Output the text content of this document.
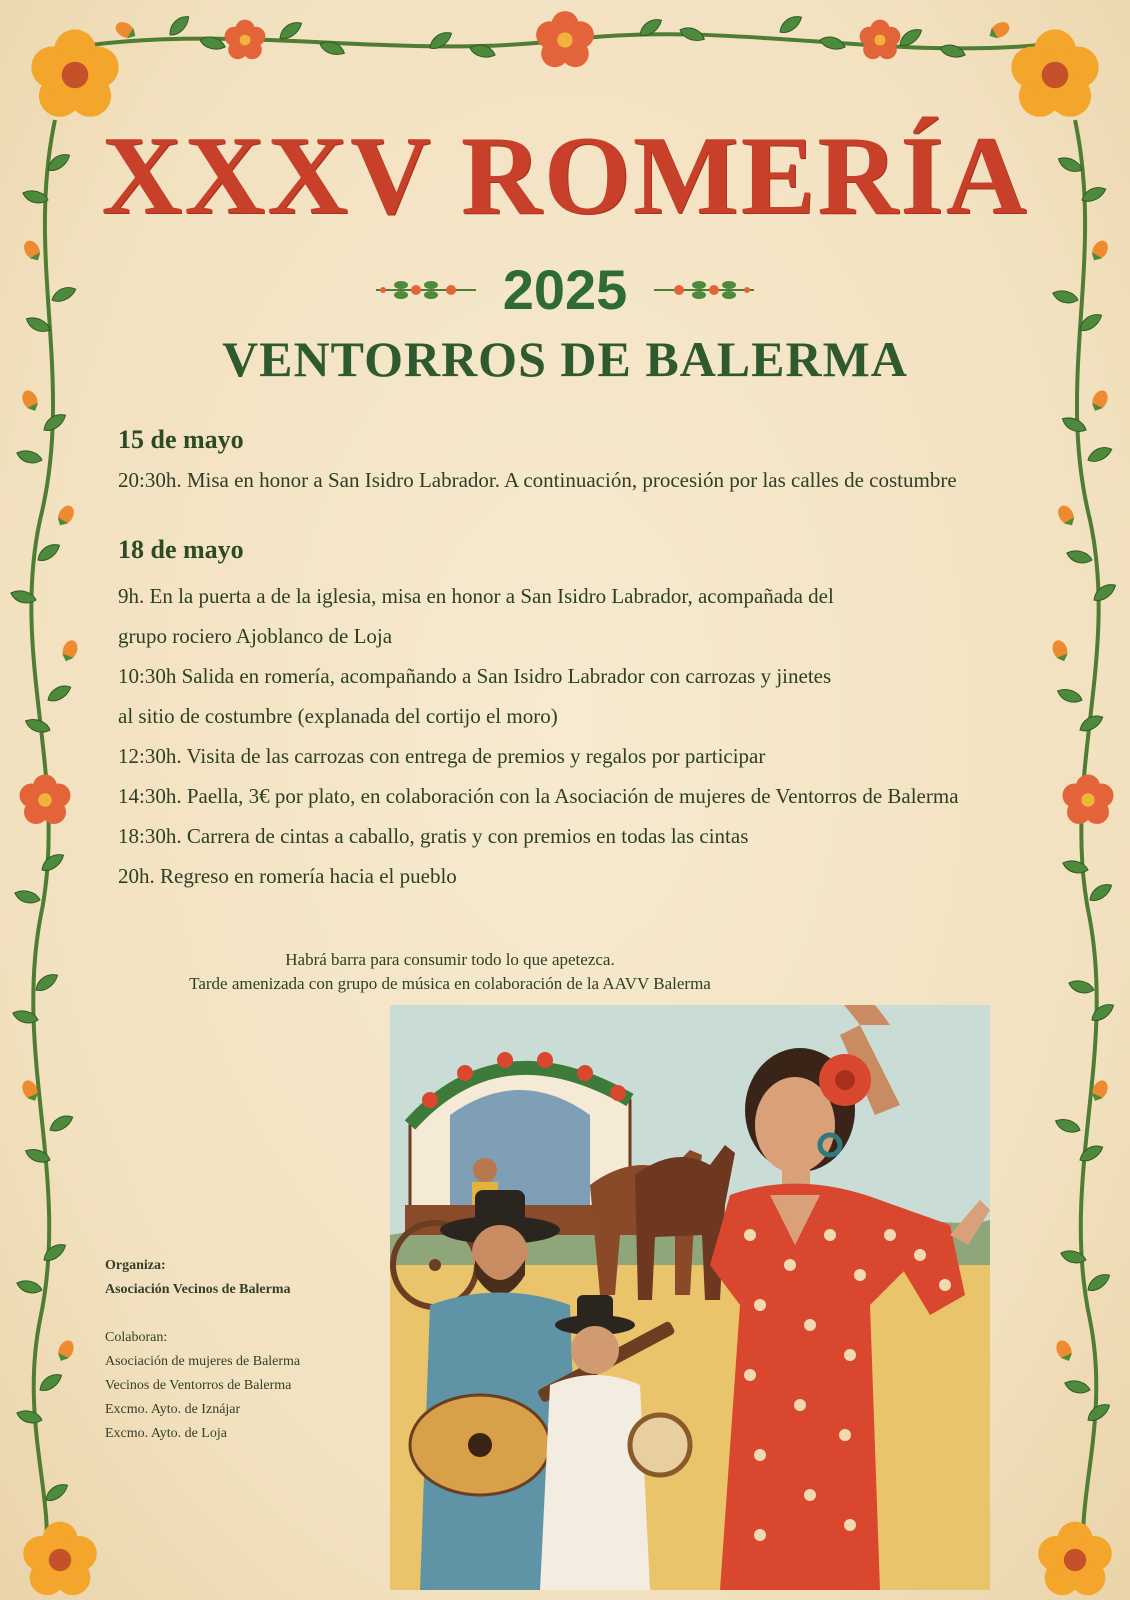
XXXV ROMERÍA
2025
VENTORROS DE BALERMA
15 de mayo
20:30h. Misa en honor a San Isidro Labrador. A continuación, procesión por las calles de costumbre
18 de mayo
9h. En la puerta a de la iglesia, misa en honor a San Isidro Labrador, acompañada del
grupo rociero Ajoblanco de Loja
10:30h Salida en romería, acompañando a San Isidro Labrador con carrozas y jinetes
al sitio de costumbre (explanada del cortijo el moro)
12:30h. Visita de las carrozas con entrega de premios y regalos por participar
14:30h. Paella, 3€ por plato, en colaboración con la Asociación de mujeres de Ventorros de Balerma
18:30h. Carrera de cintas a caballo, gratis y con premios en todas las cintas
20h. Regreso en romería hacia el pueblo
Habrá barra para consumir todo lo que apetezca.
Tarde amenizada con grupo de música en colaboración de la AAVV Balerma
Organiza:
Asociación Vecinos de Balerma
Colaboran:
Asociación de mujeres de Balerma
Vecinos de Ventorros de Balerma
Excmo. Ayto. de Iznájar
Excmo. Ayto. de Loja
